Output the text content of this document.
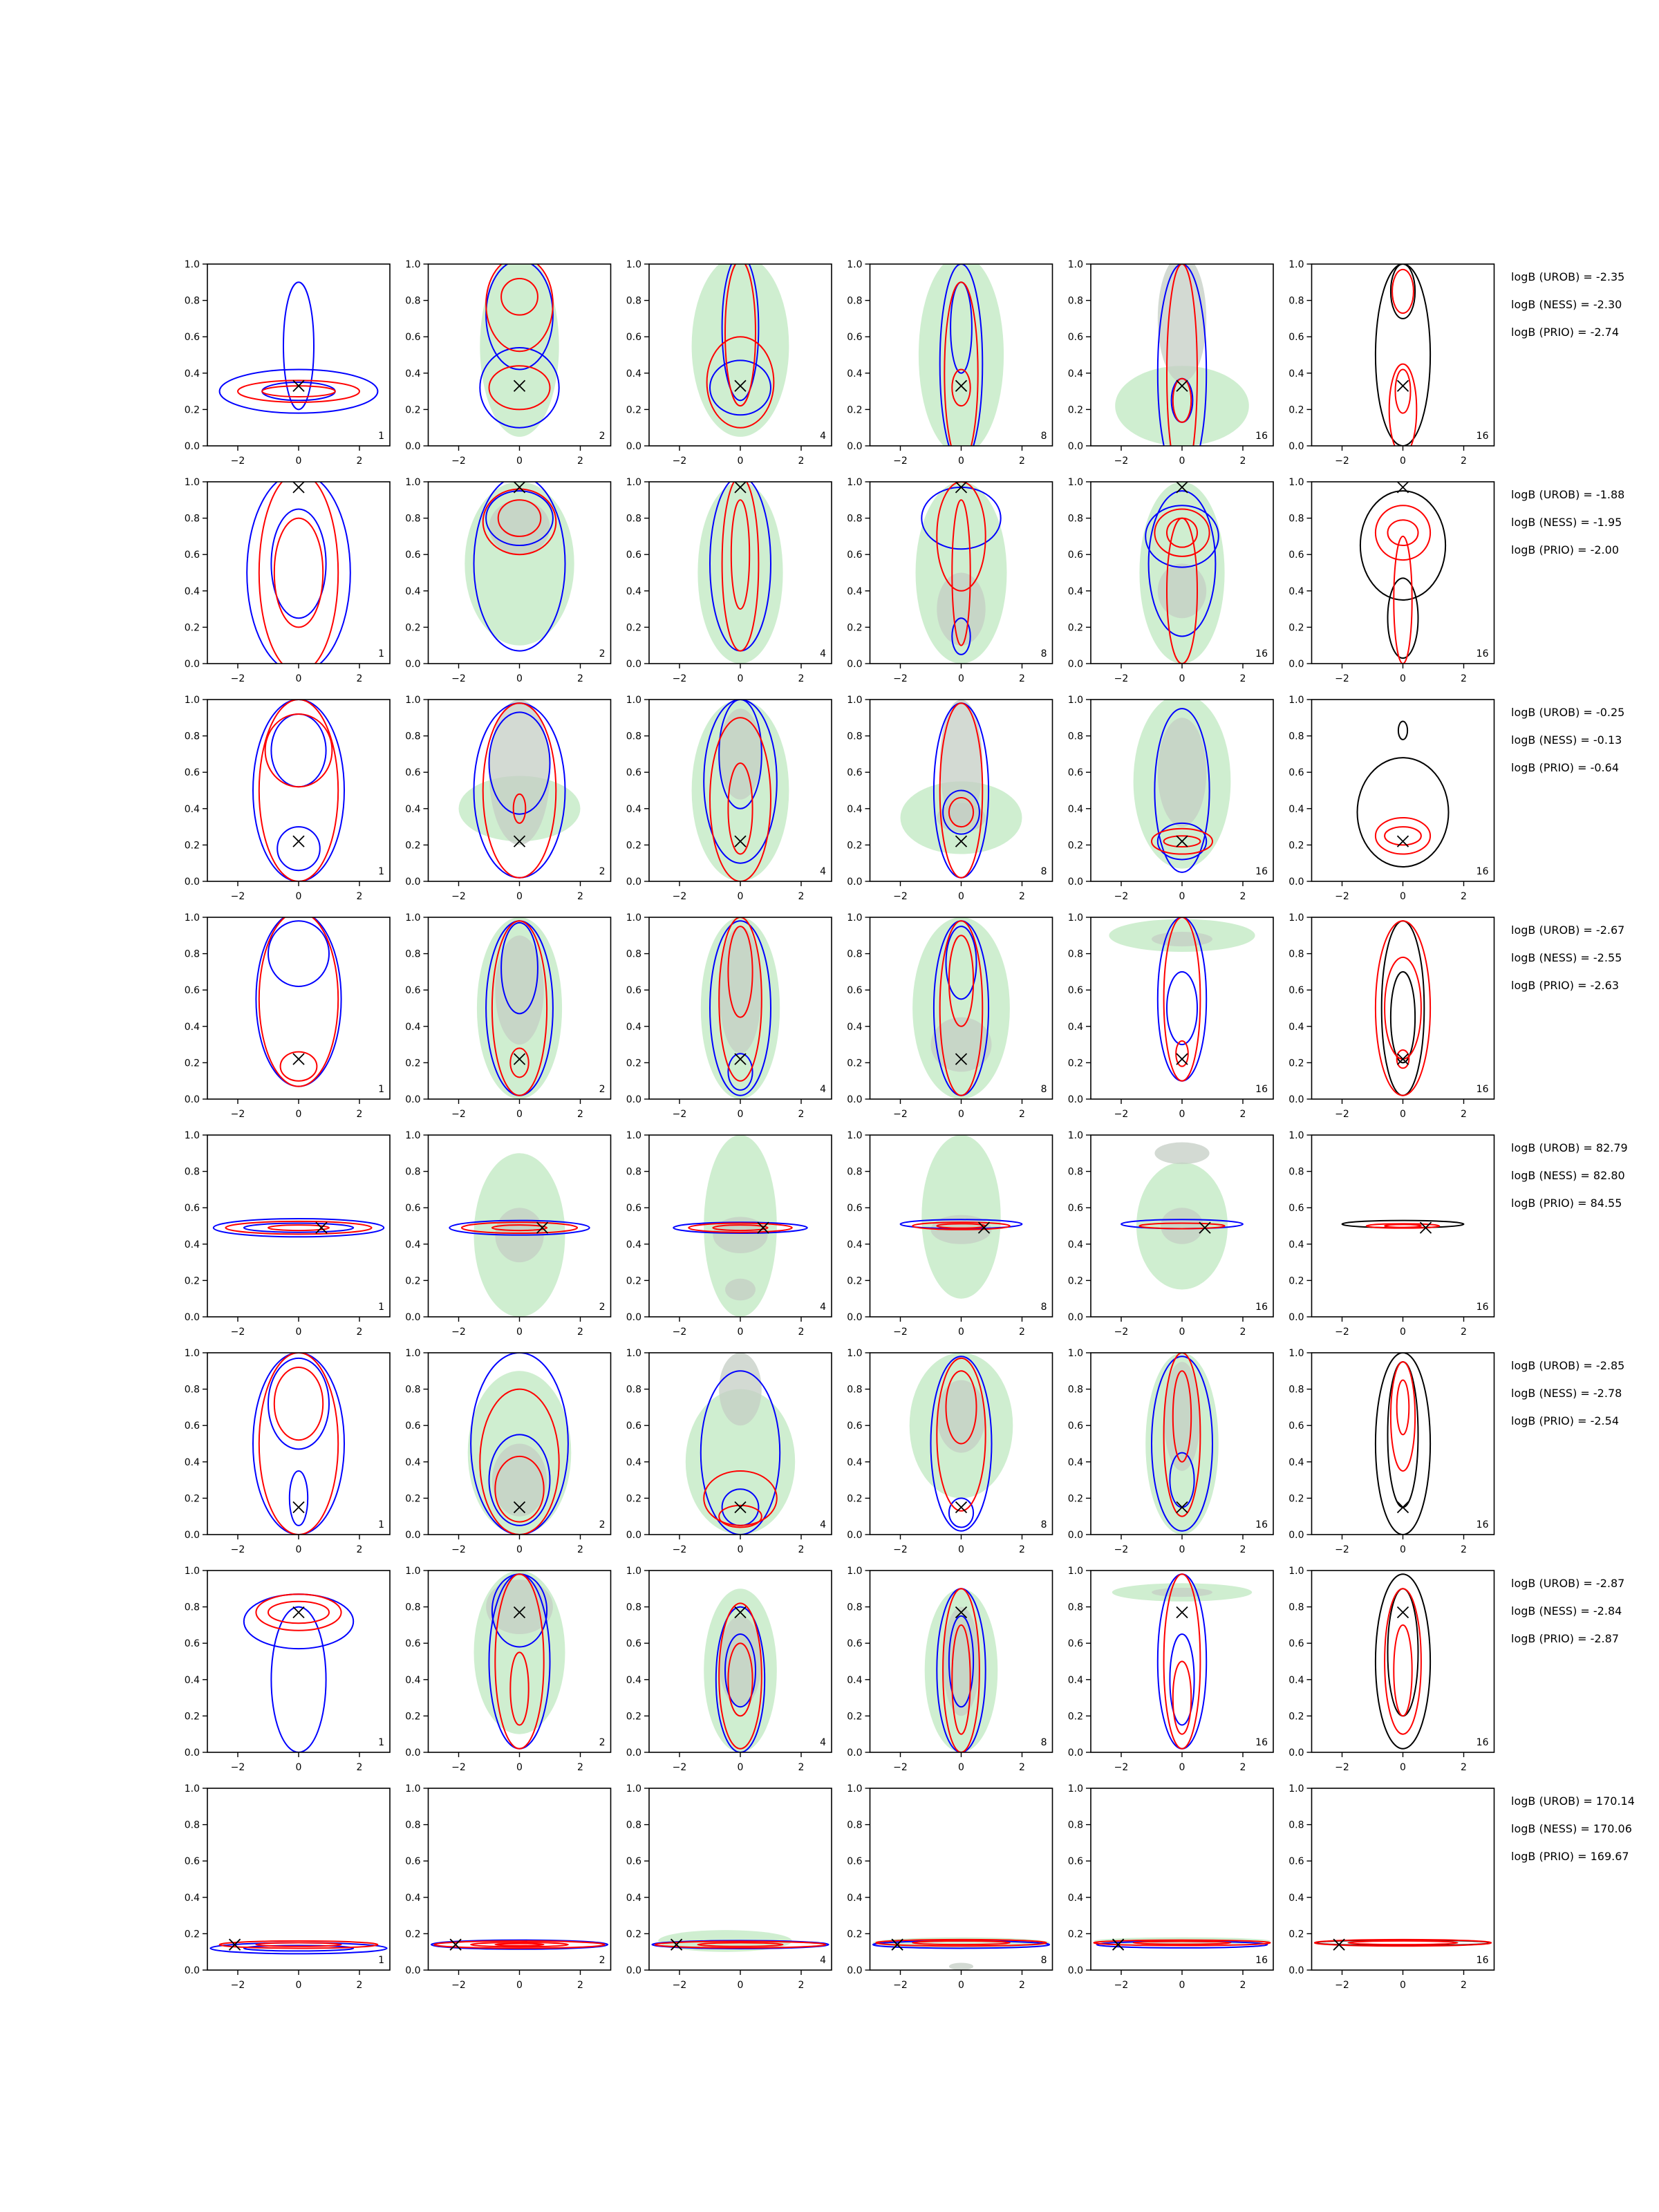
−2	0	2
0.0
0.2
0.4
0.6
0.8
1.0
1
−2	0	2
0.0
0.2
0.4
0.6
0.8
1.0
2
−2	0	2
0.0
0.2
0.4
0.6
0.8
1.0
4
−2	0	2
0.0
0.2
0.4
0.6
0.8
1.0
8
−2	0	2
0.0
0.2
0.4
0.6
0.8
1.0
16
−2	0	2
0.0
0.2
0.4
0.6
0.8
1.0
16
logB (UROB) = -2.35
logB (NESS) = -2.30
logB (PRIO) = -2.74
−2	0	2
0.0
0.2
0.4
0.6
0.8
1.0
1
−2	0	2
0.0
0.2
0.4
0.6
0.8
1.0
2
−2	0	2
0.0
0.2
0.4
0.6
0.8
1.0
4
−2	0	2
0.0
0.2
0.4
0.6
0.8
1.0
8
−2	0	2
0.0
0.2
0.4
0.6
0.8
1.0
16
−2	0	2
0.0
0.2
0.4
0.6
0.8
1.0
16
logB (UROB) = -1.88
logB (NESS) = -1.95
logB (PRIO) = -2.00
−2	0	2
0.0
0.2
0.4
0.6
0.8
1.0
1
−2	0	2
0.0
0.2
0.4
0.6
0.8
1.0
2
−2	0	2
0.0
0.2
0.4
0.6
0.8
1.0
4
−2	0	2
0.0
0.2
0.4
0.6
0.8
1.0
8
−2	0	2
0.0
0.2
0.4
0.6
0.8
1.0
16
−2	0	2
0.0
0.2
0.4
0.6
0.8
1.0
16
logB (UROB) = -0.25
logB (NESS) = -0.13
logB (PRIO) = -0.64
−2	0	2
0.0
0.2
0.4
0.6
0.8
1.0
1
−2	0	2
0.0
0.2
0.4
0.6
0.8
1.0
2
−2	0	2
0.0
0.2
0.4
0.6
0.8
1.0
4
−2	0	2
0.0
0.2
0.4
0.6
0.8
1.0
8
−2	0	2
0.0
0.2
0.4
0.6
0.8
1.0
16
−2	0	2
0.0
0.2
0.4
0.6
0.8
1.0
16
logB (UROB) = -2.67
logB (NESS) = -2.55
logB (PRIO) = -2.63
−2	0	2
0.0
0.2
0.4
0.6
0.8
1.0
1
−2	0	2
0.0
0.2
0.4
0.6
0.8
1.0
2
−2	0	2
0.0
0.2
0.4
0.6
0.8
1.0
4
−2	0	2
0.0
0.2
0.4
0.6
0.8
1.0
8
−2	0	2
0.0
0.2
0.4
0.6
0.8
1.0
16
−2	0	2
0.0
0.2
0.4
0.6
0.8
1.0
16
logB (UROB) = 82.79
logB (NESS) = 82.80
logB (PRIO) = 84.55
−2	0	2
0.0
0.2
0.4
0.6
0.8
1.0
1
−2	0	2
0.0
0.2
0.4
0.6
0.8
1.0
2
−2	0	2
0.0
0.2
0.4
0.6
0.8
1.0
4
−2	0	2
0.0
0.2
0.4
0.6
0.8
1.0
8
−2	0	2
0.0
0.2
0.4
0.6
0.8
1.0
16
−2	0	2
0.0
0.2
0.4
0.6
0.8
1.0
16
logB (UROB) = -2.85
logB (NESS) = -2.78
logB (PRIO) = -2.54
−2	0	2
0.0
0.2
0.4
0.6
0.8
1.0
1
−2	0	2
0.0
0.2
0.4
0.6
0.8
1.0
2
−2	0	2
0.0
0.2
0.4
0.6
0.8
1.0
4
−2	0	2
0.0
0.2
0.4
0.6
0.8
1.0
8
−2	0	2
0.0
0.2
0.4
0.6
0.8
1.0
16
−2	0	2
0.0
0.2
0.4
0.6
0.8
1.0
16
logB (UROB) = -2.87
logB (NESS) = -2.84
logB (PRIO) = -2.87
−2	0	2
0.0
0.2
0.4
0.6
0.8
1.0
1
−2	0	2
0.0
0.2
0.4
0.6
0.8
1.0
2
−2	0	2
0.0
0.2
0.4
0.6
0.8
1.0
4
−2	0	2
0.0
0.2
0.4
0.6
0.8
1.0
8
−2	0	2
0.0
0.2
0.4
0.6
0.8
1.0
16
−2	0	2
0.0
0.2
0.4
0.6
0.8
1.0
16
logB (UROB) = 170.14
logB (NESS) = 170.06
logB (PRIO) = 169.67
